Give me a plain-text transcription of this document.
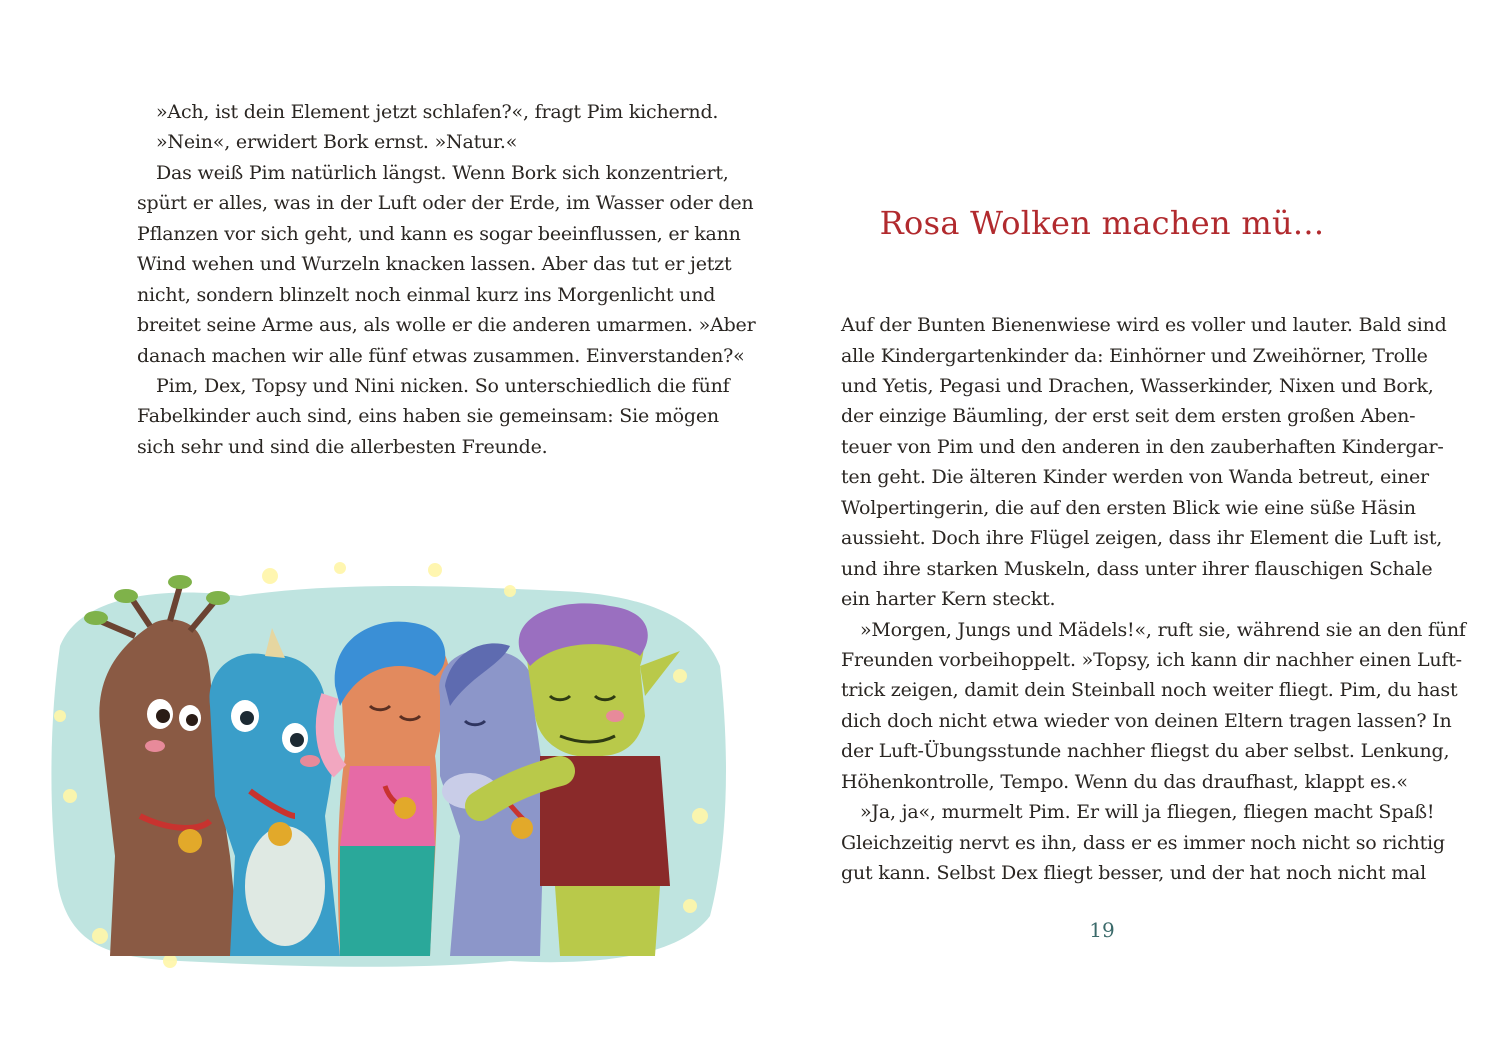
»Ach, ist dein Element jetzt schlafen?«, fragt Pim kichernd.
»Nein«, erwidert Bork ernst. »Natur.«
Das weiß Pim natürlich längst. Wenn Bork sich konzentriert,
spürt er alles, was in der Luft oder der Erde, im Wasser oder den
Pflanzen vor sich geht, und kann es sogar beeinflussen, er kann
Wind wehen und Wurzeln knacken lassen. Aber das tut er jetzt
nicht, sondern blinzelt noch einmal kurz ins Morgenlicht und
breitet seine Arme aus, als wolle er die anderen umarmen. »Aber
danach machen wir alle fünf etwas zusammen. Einverstanden?«
Pim, Dex, Topsy und Nini nicken. So unterschiedlich die fünf
Fabelkinder auch sind, eins haben sie gemeinsam: Sie mögen
sich sehr und sind die allerbesten Freunde.
Rosa Wolken machen mü...
Auf der Bunten Bienenwiese wird es voller und lauter. Bald sind
alle Kindergartenkinder da: Einhörner und Zweihörner, Trolle
und Yetis, Pegasi und Drachen, Wasserkinder, Nixen und Bork,
der einzige Bäumling, der erst seit dem ersten großen Aben-
teuer von Pim und den anderen in den zauberhaften Kindergar-
ten geht. Die älteren Kinder werden von Wanda betreut, einer
Wolpertingerin, die auf den ersten Blick wie eine süße Häsin
aussieht. Doch ihre Flügel zeigen, dass ihr Element die Luft ist,
und ihre starken Muskeln, dass unter ihrer flauschigen Schale
ein harter Kern steckt.
»Morgen, Jungs und Mädels!«, ruft sie, während sie an den fünf
Freunden vorbeihoppelt. »Topsy, ich kann dir nachher einen Luft-
trick zeigen, damit dein Steinball noch weiter fliegt. Pim, du hast
dich doch nicht etwa wieder von deinen Eltern tragen lassen? In
der Luft-Übungsstunde nachher fliegst du aber selbst. Lenkung,
Höhenkontrolle, Tempo. Wenn du das draufhast, klappt es.«
»Ja, ja«, murmelt Pim. Er will ja fliegen, fliegen macht Spaß!
Gleichzeitig nervt es ihn, dass er es immer noch nicht so richtig
gut kann. Selbst Dex fliegt besser, und der hat noch nicht mal
19
